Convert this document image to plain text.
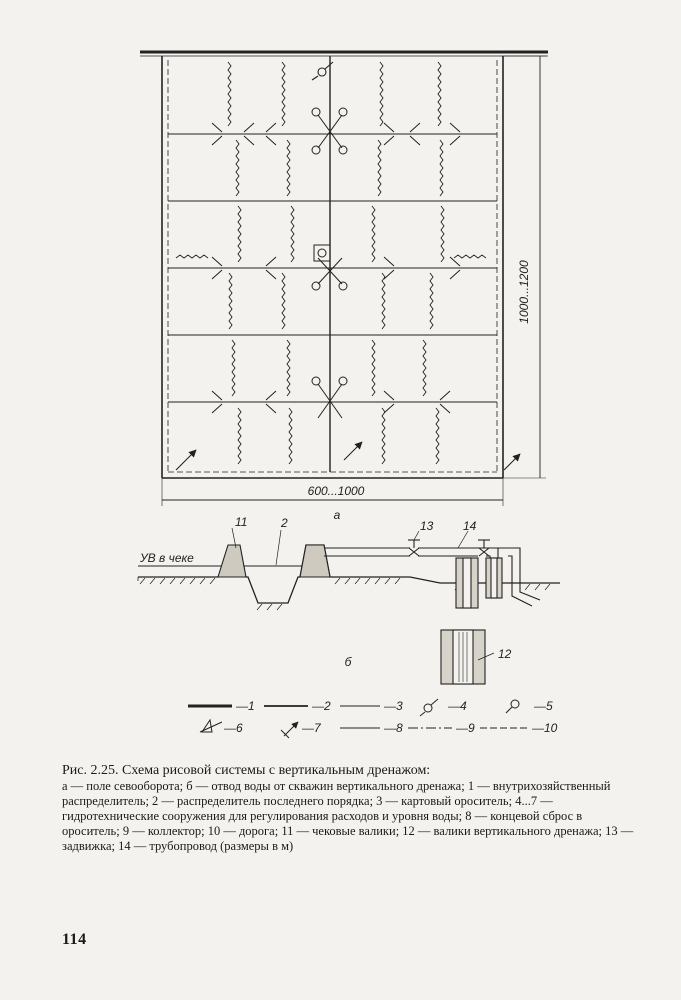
1000...1200
600...1000
а
УВ в чеке
11	2	13 14
12
б
—1	—2	—3	—4	—5
—6	—7	—8	—9	—10
Рис. 2.25. Схема рисовой системы с вертикальным дренажом:
а — поле севооборота; б — отвод воды от скважин вертикального дренажа; 1 — внутрихозяйственный распределитель; 2 — распределитель последнего порядка; 3 — картовый ороситель; 4...7 — гидротехнические сооружения для регулирования расходов и уровня воды; 8 — концевой сброс в ороситель; 9 — коллектор; 10 — дорога; 11 — чековые валики; 12 — валики вертикального дренажа; 13 — задвижка; 14 — трубопровод (размеры в м)
114
